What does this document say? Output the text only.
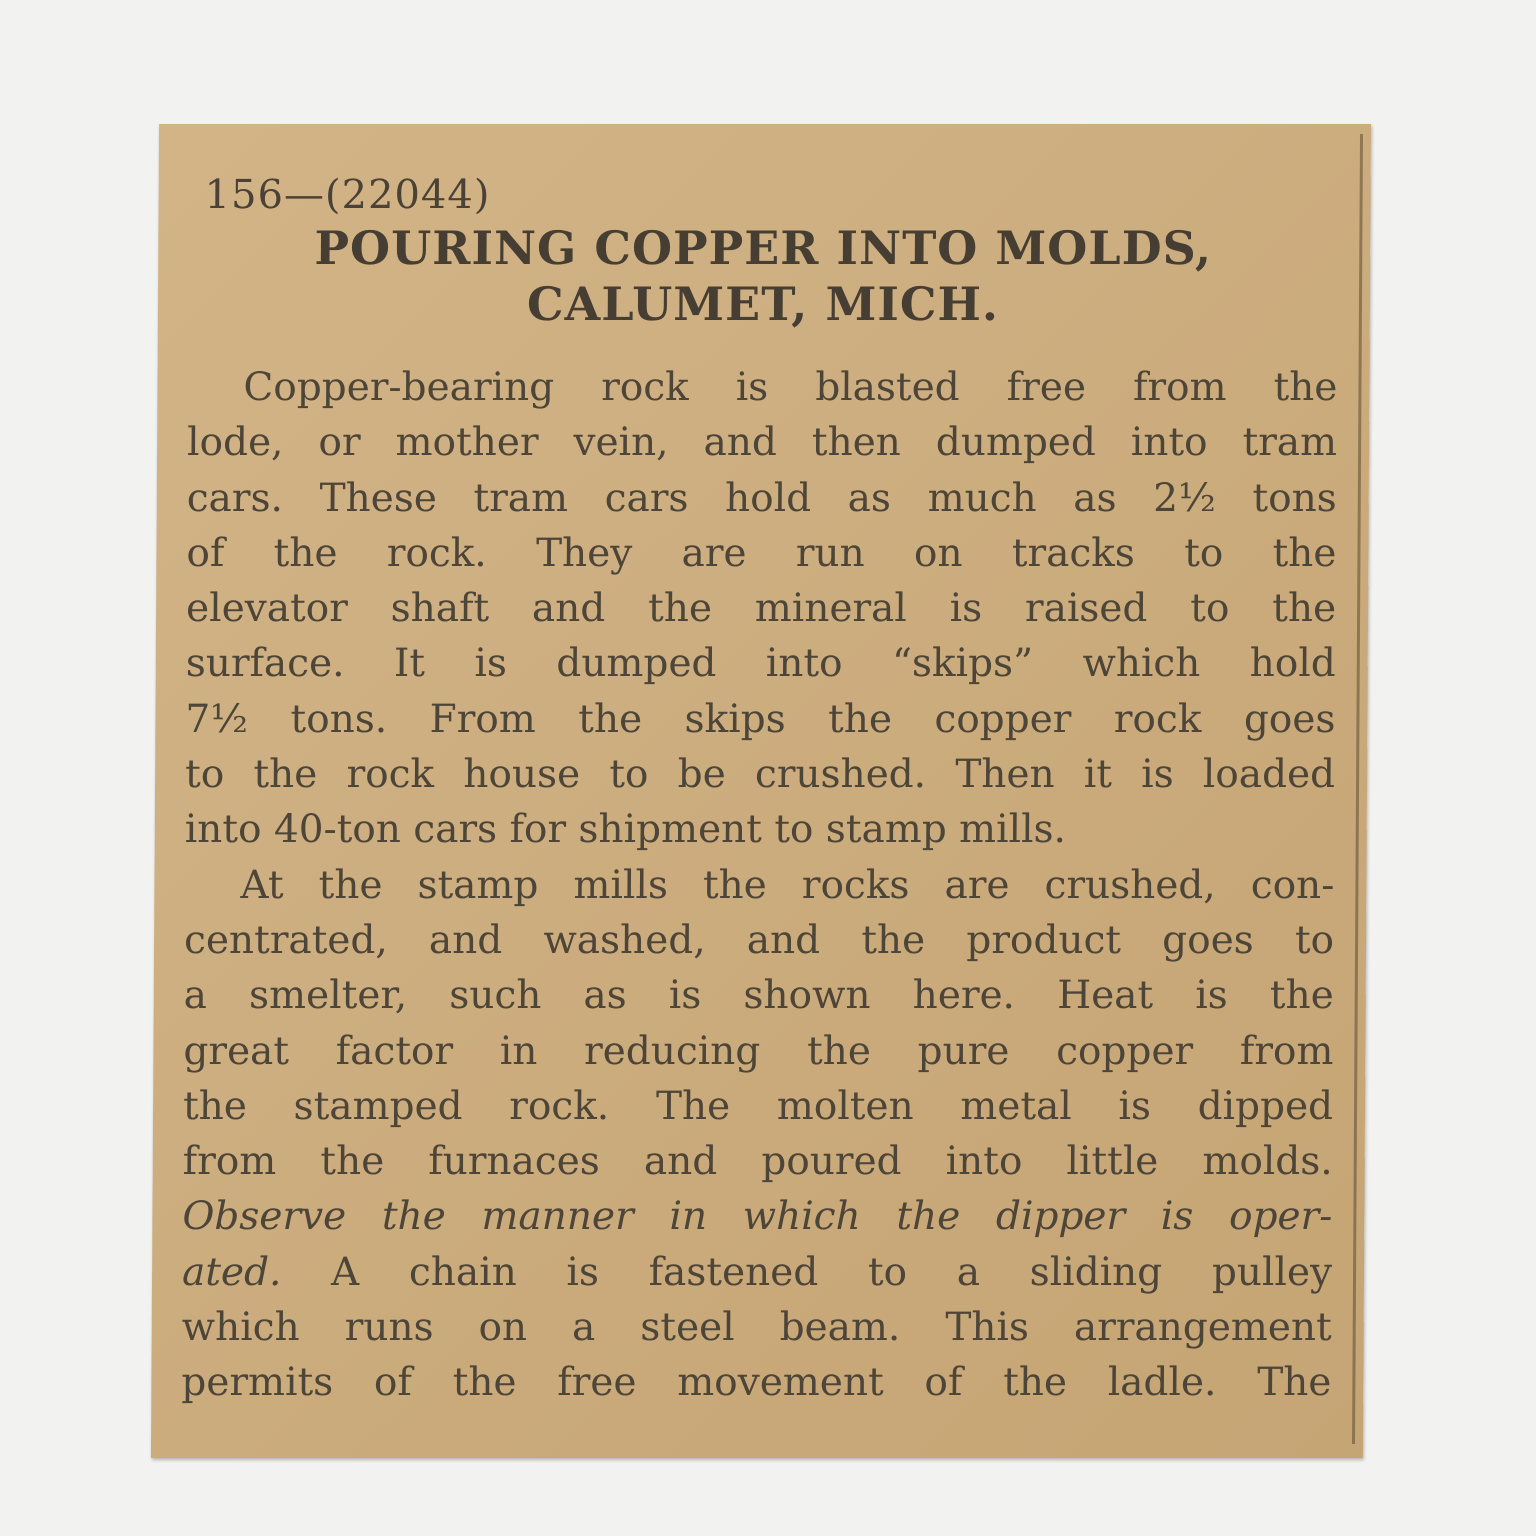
156—(22044)

POURING COPPER INTO MOLDS,
CALUMET, MICH.
Copper-bearing rock is blasted free from the
lode, or mother vein, and then dumped into tram
cars. These tram cars hold as much as 2½ tons
of the rock. They are run on tracks to the
elevator shaft and the mineral is raised to the
surface. It is dumped into “skips” which hold
7½ tons. From the skips the copper rock goes
to the rock house to be crushed. Then it is loaded
into 40-ton cars for shipment to stamp mills.
At the stamp mills the rocks are crushed, con-
centrated, and washed, and the product goes to
a smelter, such as is shown here. Heat is the
great factor in reducing the pure copper from
the stamped rock. The molten metal is dipped
from the furnaces and poured into little molds.
Observe the manner in which the dipper is oper-
ated. A chain is fastened to a sliding pulley
which runs on a steel beam. This arrangement
permits of the free movement of the ladle. The
